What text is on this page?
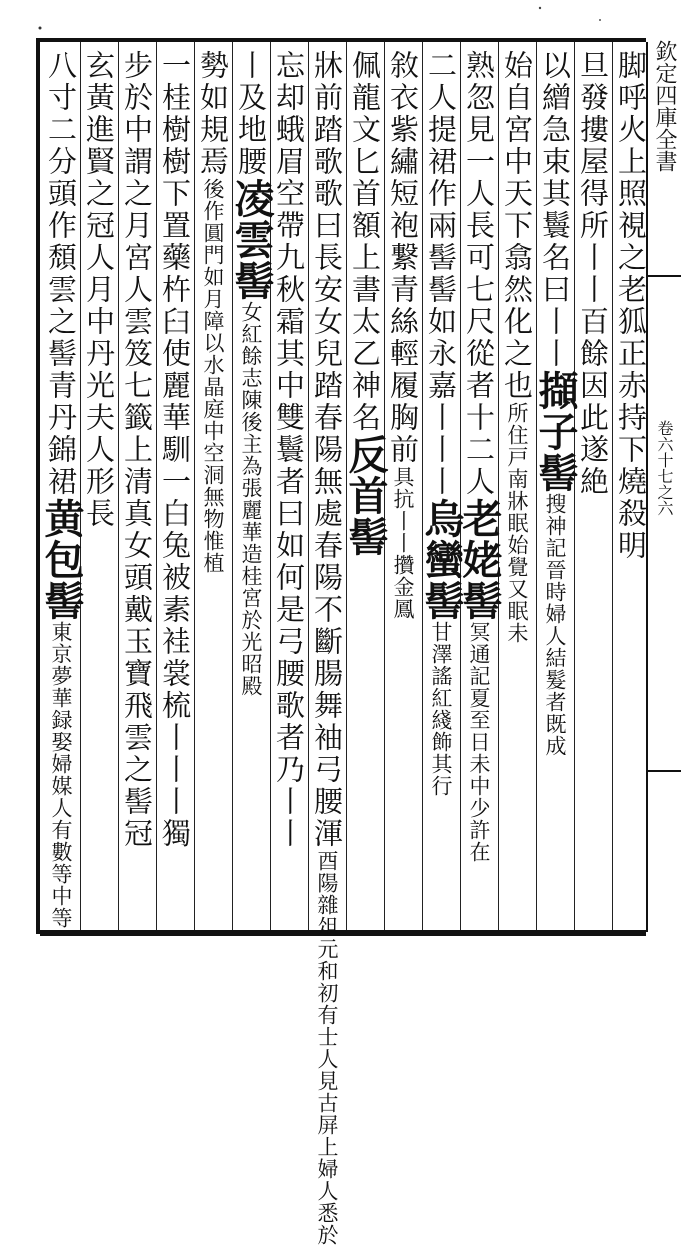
欽定四庫全書
卷六十七之六
脚呼火上照視之老狐正赤持下燒殺明
旦發摟屋得所丨丨百餘因此遂絶
以繒急束其鬟名曰丨丨擷子髻搜神記晉時婦人結髮者既成
始自宮中天下翕然化之也所住戸南牀眠始覺又眠未
熟忽見一人長可七尺從者十二人老姥髻冥通記夏至日未中少許在
二人提裙作兩髻髻如永嘉丨丨丨烏蠻髻甘澤謠紅綫飾其行
敘衣紫繡短袍繋青絲輕履胸前具抗丨丨攢金鳳
佩龍文匕首額上書太乙神名反首髻
牀前踏歌歌曰長安女兒踏春陽無處春陽不斷腸舞袖弓腰渾酉陽雜俎元和初有士人見古屏上婦人悉於
忘却蛾眉空帶九秋霜其中雙鬟者曰如何是弓腰歌者乃丨丨
丨及地腰凌雲髻女紅餘志陳後主為張麗華造桂宮於光昭殿
勢如規焉後作圓門如月障以水晶庭中空洞無物惟植
一桂樹樹下置藥杵臼使麗華馴一白兔被素袿裳梳丨丨丨獨
步於中謂之月宮人雲笈七籤上清真女頭戴玉寶飛雲之髻冠
玄黃進賢之冠人月中丹光夫人形長
八寸二分頭作頹雲之髻青丹錦裙黄包髻東京夢華録娶婦媒人有數等中等
